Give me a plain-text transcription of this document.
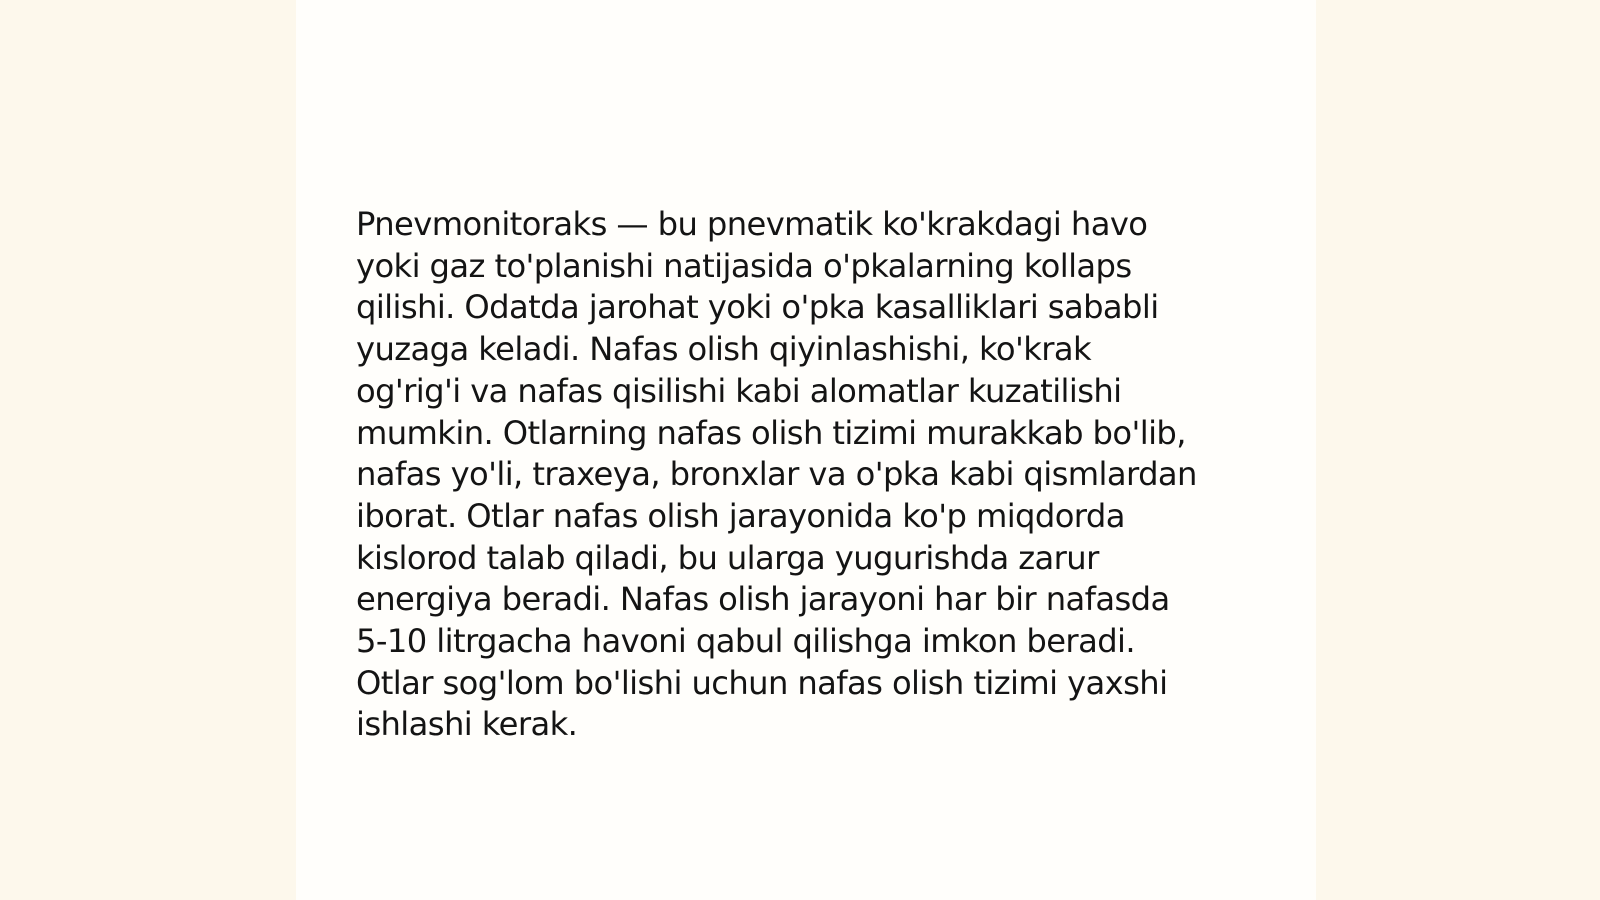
Pnevmonitoraks — bu pnevmatik ko'krakdagi havo
yoki gaz to'planishi natijasida o'pkalarning kollaps
qilishi. Odatda jarohat yoki o'pka kasalliklari sababli
yuzaga keladi. Nafas olish qiyinlashishi, ko'krak
og'rig'i va nafas qisilishi kabi alomatlar kuzatilishi
mumkin. Otlarning nafas olish tizimi murakkab bo'lib,
nafas yo'li, traxeya, bronxlar va o'pka kabi qismlardan
iborat. Otlar nafas olish jarayonida ko'p miqdorda
kislorod talab qiladi, bu ularga yugurishda zarur
energiya beradi. Nafas olish jarayoni har bir nafasda
5-10 litrgacha havoni qabul qilishga imkon beradi.
Otlar sog'lom bo'lishi uchun nafas olish tizimi yaxshi
ishlashi kerak.
